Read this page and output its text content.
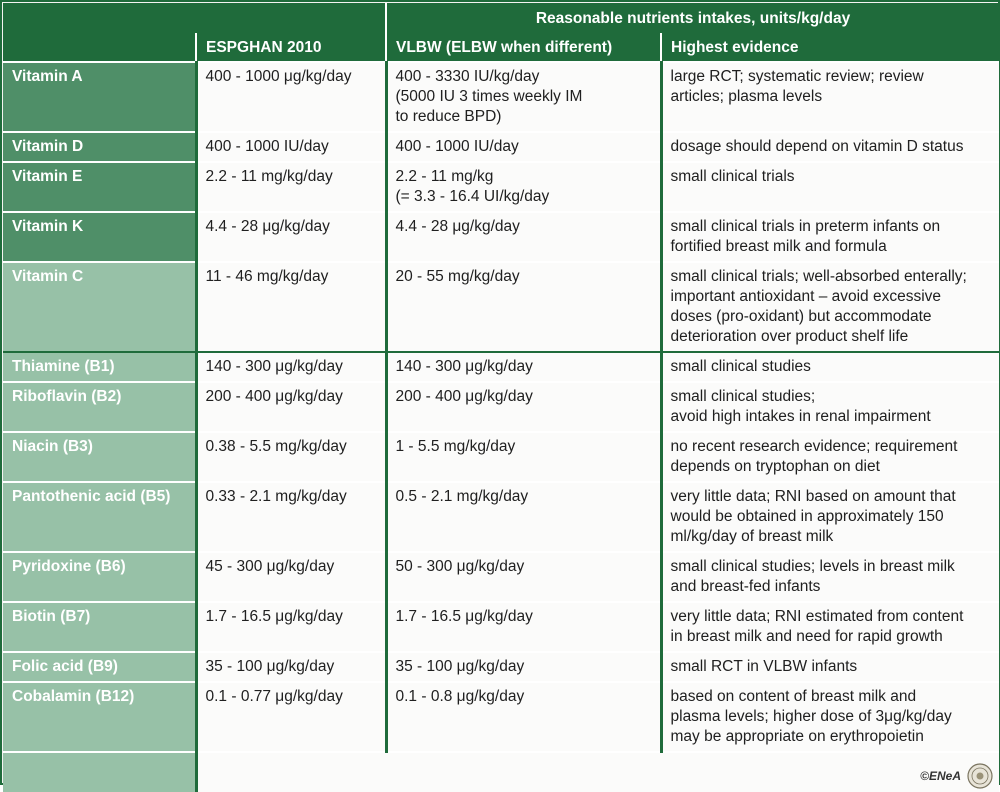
		Reasonable nutrients intakes, units/kg/day	
	ESPGHAN 2010	VLBW (ELBW when different)	Highest evidence
Vitamin A	400 - 1000 μg/kg/day	400 - 3330 IU/kg/day
(5000 IU 3 times weekly IM
to reduce BPD)	large RCT; systematic review; review
articles; plasma levels
Vitamin D	400 - 1000 IU/day	400 - 1000 IU/day	dosage should depend on vitamin D status
Vitamin E	2.2 - 11 mg/kg/day	2.2 - 11 mg/kg
(= 3.3 - 16.4 UI/kg/day	small clinical trials
Vitamin K	4.4 - 28 μg/kg/day	4.4 - 28 μg/kg/day	small clinical trials in preterm infants on
fortified breast milk and formula
Vitamin C	11 - 46 mg/kg/day	20 - 55 mg/kg/day	small clinical trials; well-absorbed enterally;
important antioxidant – avoid excessive
doses (pro-oxidant) but accommodate
deterioration over product shelf life
Thiamine (B1)	140 - 300 μg/kg/day	140 - 300 μg/kg/day	small clinical studies
Riboflavin (B2)	200 - 400 μg/kg/day	200 - 400 μg/kg/day	small clinical studies;
avoid high intakes in renal impairment
Niacin (B3)	0.38 - 5.5 mg/kg/day	1 - 5.5 mg/kg/day	no recent research evidence; requirement
depends on tryptophan on diet
Pantothenic acid (B5)	0.33 - 2.1 mg/kg/day	0.5 - 2.1 mg/kg/day	very little data; RNI based on amount that
would be obtained in approximately 150
ml/kg/day of breast milk
Pyridoxine (B6)	45 - 300 μg/kg/day	50 - 300 μg/kg/day	small clinical studies; levels in breast milk
and breast-fed infants
Biotin (B7)	1.7 - 16.5 μg/kg/day	1.7 - 16.5 μg/kg/day	very little data; RNI estimated from content
in breast milk and need for rapid growth
Folic acid (B9)	35 - 100 μg/kg/day	35 - 100 μg/kg/day	small RCT in VLBW infants
Cobalamin (B12)	0.1 - 0.77 μg/kg/day	0.1 - 0.8 μg/kg/day	based on content of breast milk and
plasma levels; higher dose of 3μg/kg/day
may be appropriate on erythropoietin

	©ENeA		
